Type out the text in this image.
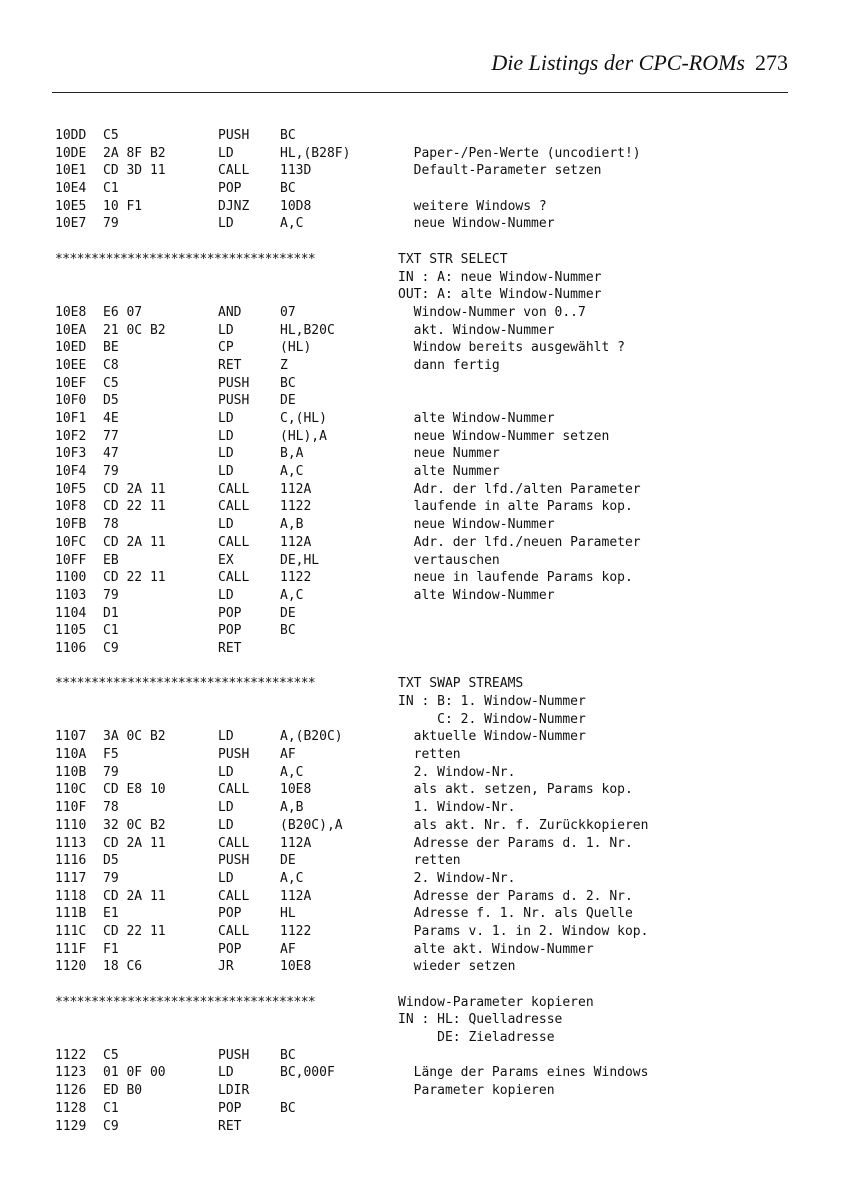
Die Listings der CPC-ROMs 273
10DD C5	PUSH BC
10DE 2A 8F B2	LD	HL,(B28F)	Paper-/Pen-Werte (uncodiert!)
10E1 CD 3D 11	CALL 113D	Default-Parameter setzen
10E4 C1	POP	BC
10E5 10 F1	DJNZ 10D8	weitere Windows ?
10E7 79	LD	A,C	neue Window-Nummer
************************************	TXT STR SELECT
IN : A: neue Window-Nummer
OUT: A: alte Window-Nummer
10E8 E6 07	AND	07	Window-Nummer von 0..7
10EA 21 0C B2	LD	HL,B20C	akt. Window-Nummer
10ED BE	CP	(HL)	Window bereits ausgewählt ?
10EE C8	RET	Z	dann fertig
10EF C5	PUSH BC
10F0 D5	PUSH DE
10F1 4E	LD	C,(HL)	alte Window-Nummer
10F2 77	LD	(HL),A	neue Window-Nummer setzen
10F3 47	LD	B,A	neue Nummer
10F4 79	LD	A,C	alte Nummer
10F5 CD 2A 11	CALL 112A	Adr. der lfd./alten Parameter
10F8 CD 22 11	CALL 1122	laufende in alte Params kop.
10FB 78	LD	A,B	neue Window-Nummer
10FC CD 2A 11	CALL 112A	Adr. der lfd./neuen Parameter
10FF EB	EX	DE,HL	vertauschen
1100 CD 22 11	CALL 1122	neue in laufende Params kop.
1103 79	LD	A,C	alte Window-Nummer
1104 D1	POP	DE
1105 C1	POP	BC
1106 C9	RET
************************************	TXT SWAP STREAMS
IN : B: 1. Window-Nummer
C: 2. Window-Nummer
1107 3A 0C B2	LD	A,(B20C)	aktuelle Window-Nummer
110A F5	PUSH AF	retten
110B 79	LD	A,C	2. Window-Nr.
110C CD E8 10	CALL 10E8	als akt. setzen, Params kop.
110F 78	LD	A,B	1. Window-Nr.
1110 32 0C B2	LD	(B20C),A	als akt. Nr. f. Zurückkopieren
1113 CD 2A 11	CALL 112A	Adresse der Params d. 1. Nr.
1116 D5	PUSH DE	retten
1117 79	LD	A,C	2. Window-Nr.
1118 CD 2A 11	CALL 112A	Adresse der Params d. 2. Nr.
111B E1	POP	HL	Adresse f. 1. Nr. als Quelle
111C CD 22 11	CALL 1122	Params v. 1. in 2. Window kop.
111F F1	POP	AF	alte akt. Window-Nummer
1120 18 C6	JR	10E8	wieder setzen
************************************	Window-Parameter kopieren
IN : HL: Quelladresse
DE: Zieladresse
1122 C5	PUSH BC
1123 01 0F 00	LD	BC,000F	Länge der Params eines Windows
1126 ED B0	LDIR	Parameter kopieren
1128 C1	POP	BC
1129 C9	RET
